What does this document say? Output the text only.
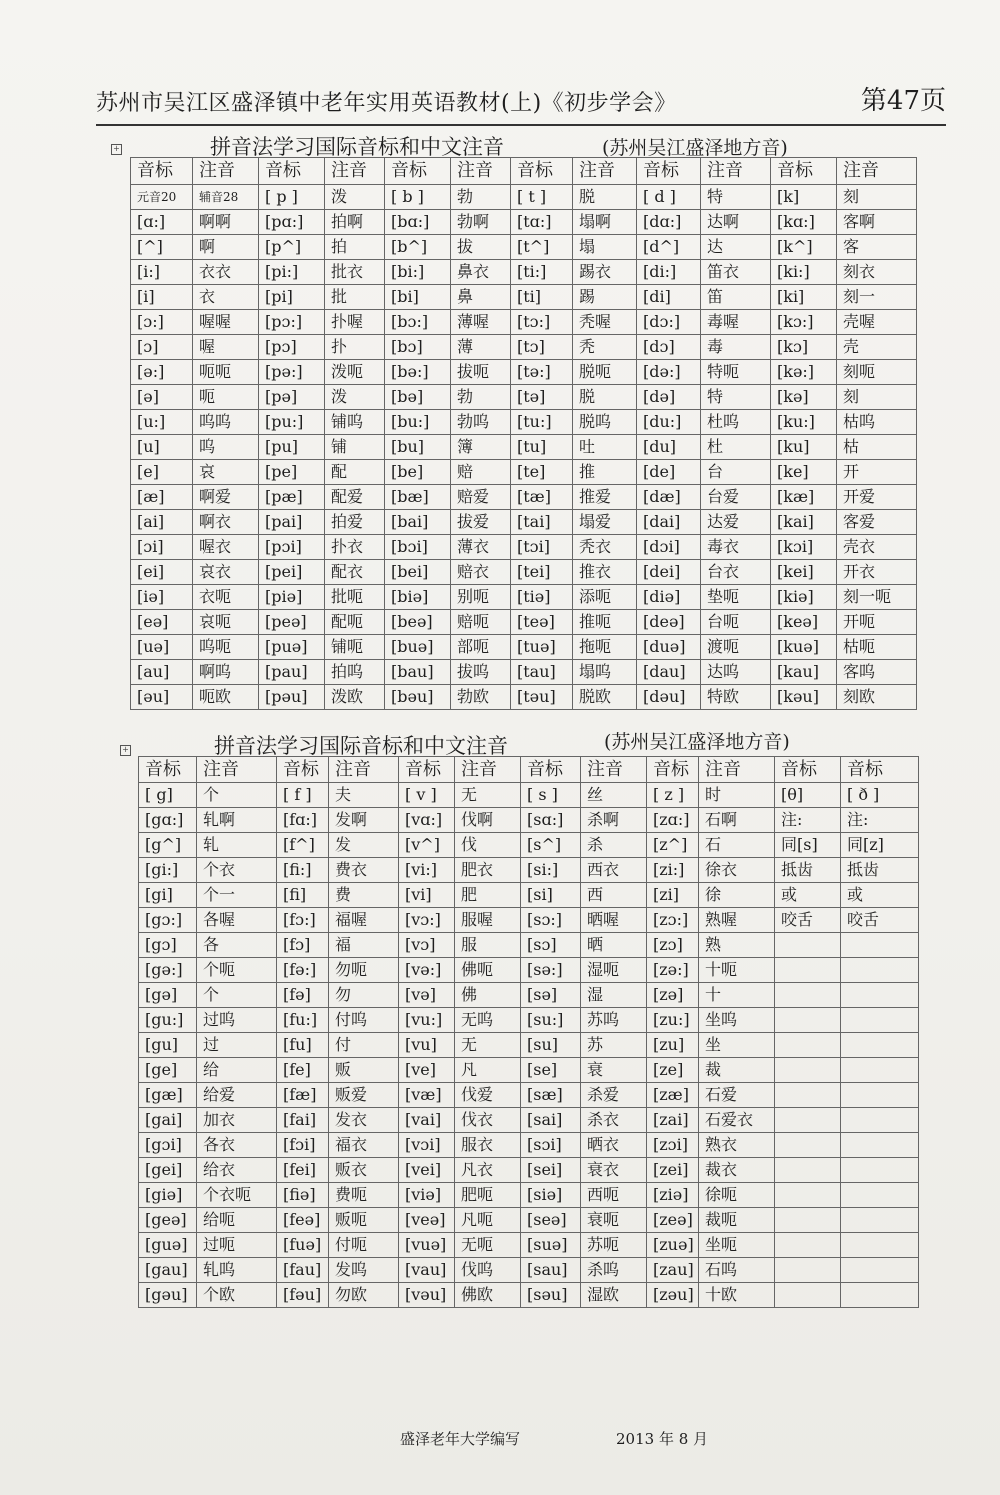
苏州市吴江区盛泽镇中老年实用英语教材(上)《初步学会》	第47页
+	拼音法学习国际音标和中文注音	(苏州吴江盛泽地方音)
音标	注音	音标	注音	音标	注音	音标	注音	音标	注音	音标	注音
元音20	辅音28	[ p ]	泼	[ b ]	勃	[ t ]	脱	[ d ]	特	[k]	刻
[ɑ:]	啊啊	[pɑ:]	拍啊	[bɑ:]	勃啊	[tɑ:]	塌啊	[dɑ:]	达啊	[kɑ:]	客啊
[^]	啊	[p^]	拍	[b^]	拔	[t^]	塌	[d^]	达	[k^]	客
[i:]	衣衣	[pi:]	批衣	[bi:]	鼻衣	[ti:]	踢衣	[di:]	笛衣	[ki:]	刻衣
[i]	衣	[pi]	批	[bi]	鼻	[ti]	踢	[di]	笛	[ki]	刻一
[ɔ:]	喔喔	[pɔ:]	扑喔	[bɔ:]	薄喔	[tɔ:]	秃喔	[dɔ:]	毒喔	[kɔ:]	壳喔
[ɔ]	喔	[pɔ]	扑	[bɔ]	薄	[tɔ]	秃	[dɔ]	毒	[kɔ]	壳
[ə:]	呃呃	[pə:]	泼呃	[bə:]	拔呃	[tə:]	脱呃	[də:]	特呃	[kə:]	刻呃
[ə]	呃	[pə]	泼	[bə]	勃	[tə]	脱	[də]	特	[kə]	刻
[u:]	呜呜	[pu:]	铺呜	[bu:]	勃呜	[tu:]	脱呜	[du:]	杜呜	[ku:]	枯呜
[u]	呜	[pu]	铺	[bu]	簿	[tu]	吐	[du]	杜	[ku]	枯
[e]	哀	[pe]	配	[be]	赔	[te]	推	[de]	台	[ke]	开
[æ]	啊爱	[pæ]	配爱	[bæ]	赔爱	[tæ]	推爱	[dæ]	台爱	[kæ]	开爱
[ai]	啊衣	[pai]	拍爱	[bai]	拔爱	[tai]	塌爱	[dai]	达爱	[kai]	客爱
[ɔi]	喔衣	[pɔi]	扑衣	[bɔi]	薄衣	[tɔi]	秃衣	[dɔi]	毒衣	[kɔi]	壳衣
[ei]	哀衣	[pei]	配衣	[bei]	赔衣	[tei]	推衣	[dei]	台衣	[kei]	开衣
[iə]	衣呃	[piə]	批呃	[biə]	别呃	[tiə]	添呃	[diə]	垫呃	[kiə]	刻一呃
[eə]	哀呃	[peə]	配呃	[beə]	赔呃	[teə]	推呃	[deə]	台呃	[keə]	开呃
[uə]	呜呃	[puə]	铺呃	[buə]	部呃	[tuə]	拖呃	[duə]	渡呃	[kuə]	枯呃
[au]	啊呜	[pau]	拍呜	[bau]	拔呜	[tau]	塌呜	[dau]	达呜	[kau]	客呜
[əu]	呃欧	[pəu]	泼欧	[bəu]	勃欧	[təu]	脱欧	[dəu]	特欧	[kəu]	刻欧
+	拼音法学习国际音标和中文注音	(苏州吴江盛泽地方音)
音标	注音	音标	注音	音标	注音	音标	注音	音标	注音	音标	音标
[ g]	个	[ f ]	夫	[ v ]	无	[ s ]	丝	[ z ]	时	[θ]	[ ð ]
[gɑ:]	轧啊	[fɑ:]	发啊	[vɑ:]	伐啊	[sɑ:]	杀啊	[zɑ:]	石啊	注:	注:
[g^]	轧	[f^]	发	[v^]	伐	[s^]	杀	[z^]	石	同[s]	同[z]
[gi:]	个衣	[fi:]	费衣	[vi:]	肥衣	[si:]	西衣	[zi:]	徐衣	抵齿	抵齿
[gi]	个一	[fi]	费	[vi]	肥	[si]	西	[zi]	徐	或	或
[gɔ:]	各喔	[fɔ:]	福喔	[vɔ:]	服喔	[sɔ:]	晒喔	[zɔ:]	熟喔	咬舌	咬舌
[gɔ]	各	[fɔ]	福	[vɔ]	服	[sɔ]	晒	[zɔ]	熟		
[gə:]	个呃	[fə:]	勿呃	[və:]	佛呃	[sə:]	湿呃	[zə:]	十呃		
[gə]	个	[fə]	勿	[və]	佛	[sə]	湿	[zə]	十		
[gu:]	过呜	[fu:]	付呜	[vu:]	无呜	[su:]	苏呜	[zu:]	坐呜		
[gu]	过	[fu]	付	[vu]	无	[su]	苏	[zu]	坐		
[ge]	给	[fe]	贩	[ve]	凡	[se]	衰	[ze]	裁		
[gæ]	给爱	[fæ]	贩爱	[væ]	伐爱	[sæ]	杀爱	[zæ]	石爱		
[gai]	加衣	[fai]	发衣	[vai]	伐衣	[sai]	杀衣	[zai]	石爱衣		
[gɔi]	各衣	[fɔi]	福衣	[vɔi]	服衣	[sɔi]	晒衣	[zɔi]	熟衣		
[gei]	给衣	[fei]	贩衣	[vei]	凡衣	[sei]	衰衣	[zei]	裁衣		
[giə]	个衣呃	[fiə]	费呃	[viə]	肥呃	[siə]	西呃	[ziə]	徐呃		
[geə]	给呃	[feə]	贩呃	[veə]	凡呃	[seə]	衰呃	[zeə]	裁呃		
[guə]	过呃	[fuə]	付呃	[vuə]	无呃	[suə]	苏呃	[zuə]	坐呃		
[gau]	轧呜	[fau]	发呜	[vau]	伐呜	[sau]	杀呜	[zau]	石呜		
[gəu]	个欧	[fəu]	勿欧	[vəu]	佛欧	[səu]	湿欧	[zəu]	十欧		
盛泽老年大学编写	2013 年 8 月
